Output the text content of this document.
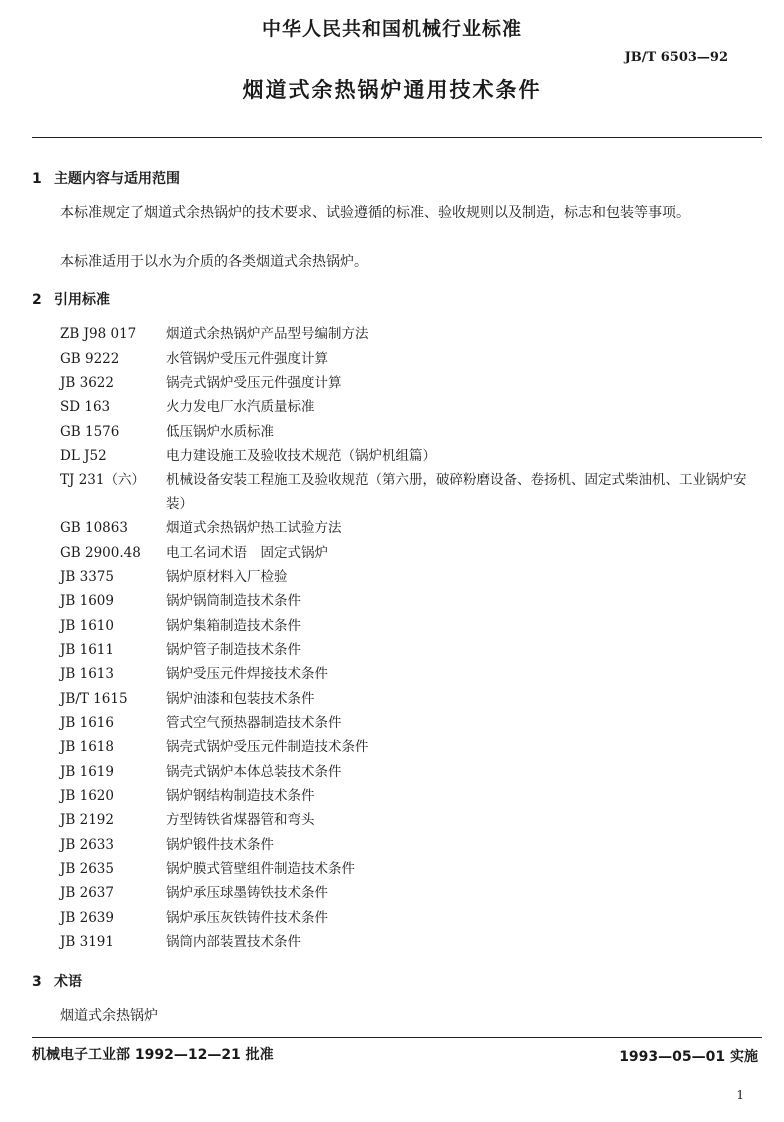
中华人民共和国机械行业标准
JB/T 6503—92
烟道式余热锅炉通用技术条件
1 主题内容与适用范围
本标准规定了烟道式余热锅炉的技术要求、试验遵循的标准、验收规则以及制造，标志和包装等事项。
本标准适用于以水为介质的各类烟道式余热锅炉。
2 引用标准
ZB J98 017	烟道式余热锅炉产品型号编制方法
GB 9222	水管锅炉受压元件强度计算
JB 3622	锅壳式锅炉受压元件强度计算
SD 163	火力发电厂水汽质量标准
GB 1576	低压锅炉水质标准
DL J52	电力建设施工及验收技术规范（锅炉机组篇）
TJ 231（六）	机械设备安装工程施工及验收规范（第六册，破碎粉磨设备、卷扬机、固定式柴油机、工业锅炉安装）
GB 10863	烟道式余热锅炉热工试验方法
GB 2900.48	电工名词术语　固定式锅炉
JB 3375	锅炉原材料入厂检验
JB 1609	锅炉锅筒制造技术条件
JB 1610	锅炉集箱制造技术条件
JB 1611	锅炉管子制造技术条件
JB 1613	锅炉受压元件焊接技术条件
JB/T 1615	锅炉油漆和包装技术条件
JB 1616	管式空气预热器制造技术条件
JB 1618	锅壳式锅炉受压元件制造技术条件
JB 1619	锅壳式锅炉本体总装技术条件
JB 1620	锅炉钢结构制造技术条件
JB 2192	方型铸铁省煤器管和弯头
JB 2633	锅炉锻件技术条件
JB 2635	锅炉膜式管壁组件制造技术条件
JB 2637	锅炉承压球墨铸铁技术条件
JB 2639	锅炉承压灰铁铸件技术条件
JB 3191	锅筒内部装置技术条件
3 术语
烟道式余热锅炉
机械电子工业部 1992—12—21 批准	1993—05—01 实施
1
